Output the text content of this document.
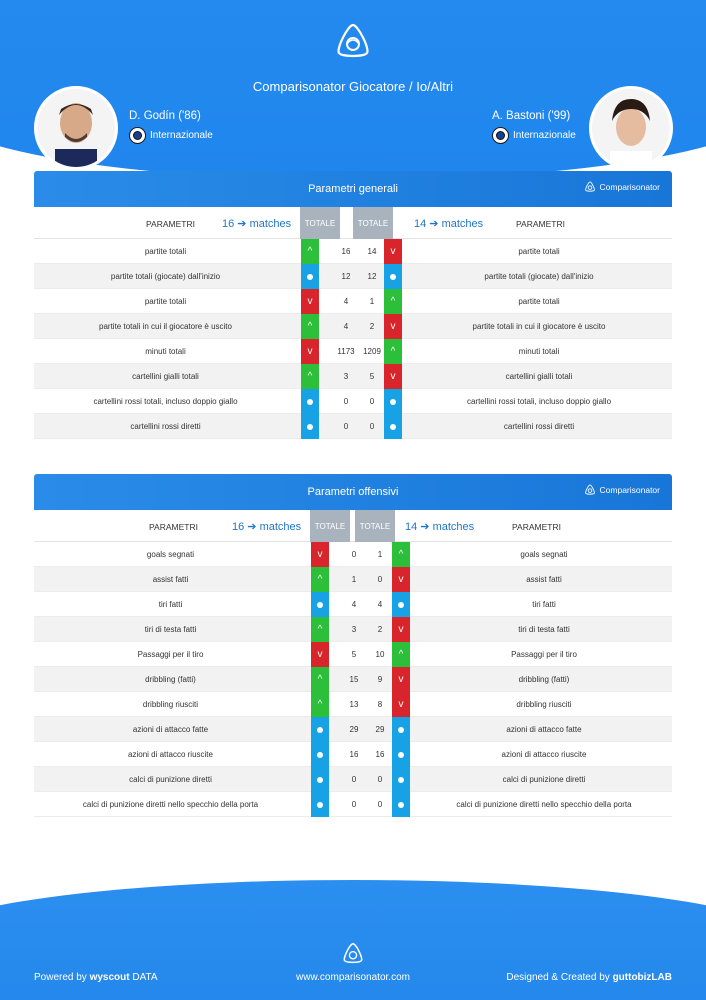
Comparisonator Giocatore / Io/Altri
D. Godín ('86)
Internazionale
A. Bastoni ('99)
Internazionale
Parametri generali	Comparisonator
PARAMETRI 16 ➔ matches	TOTALE	TOTALE	14 ➔ matches	PARAMETRI
partite totali	^	16	14	v	partite totali
partite totali (giocate) dall'inizio	12	12	partite totali (giocate) dall'inizio
partite totali	v	4	1	^	partite totali
partite totali in cui il giocatore è uscito	^	4	2	v	partite totali in cui il giocatore è uscito
minuti totali	v	1173	1209 ^	minuti totali
cartellini gialli totali	^	3	5	v	cartellini gialli totali
cartellini rossi totali, incluso doppio giallo	0	0	cartellini rossi totali, incluso doppio giallo
cartellini rossi diretti	0	0	cartellini rossi diretti
Parametri offensivi	Comparisonator
PARAMETRI	16 ➔ matches	TOTALE	TOTALE	14 ➔ matches	PARAMETRI
goals segnati	v	0	1	^	goals segnati
assist fatti	^	1	0	v	assist fatti
tiri fatti	4	4	tiri fatti
tiri di testa fatti	^	3	2	v	tiri di testa fatti
Passaggi per il tiro	v	5	10	^	Passaggi per il tiro
dribbling (fatti)	^	15	9	v	dribbling (fatti)
dribbling riusciti	^	13	8	v	dribbling riusciti
azioni di attacco fatte	29	29	azioni di attacco fatte
azioni di attacco riuscite	16	16	azioni di attacco riuscite
calci di punizione diretti	0	0	calci di punizione diretti
calci di punizione diretti nello specchio della porta	0	0	calci di punizione diretti nello specchio della porta
Powered by wyscout DATA	www.comparisonator.com	Designed & Created by guttobizLAB
